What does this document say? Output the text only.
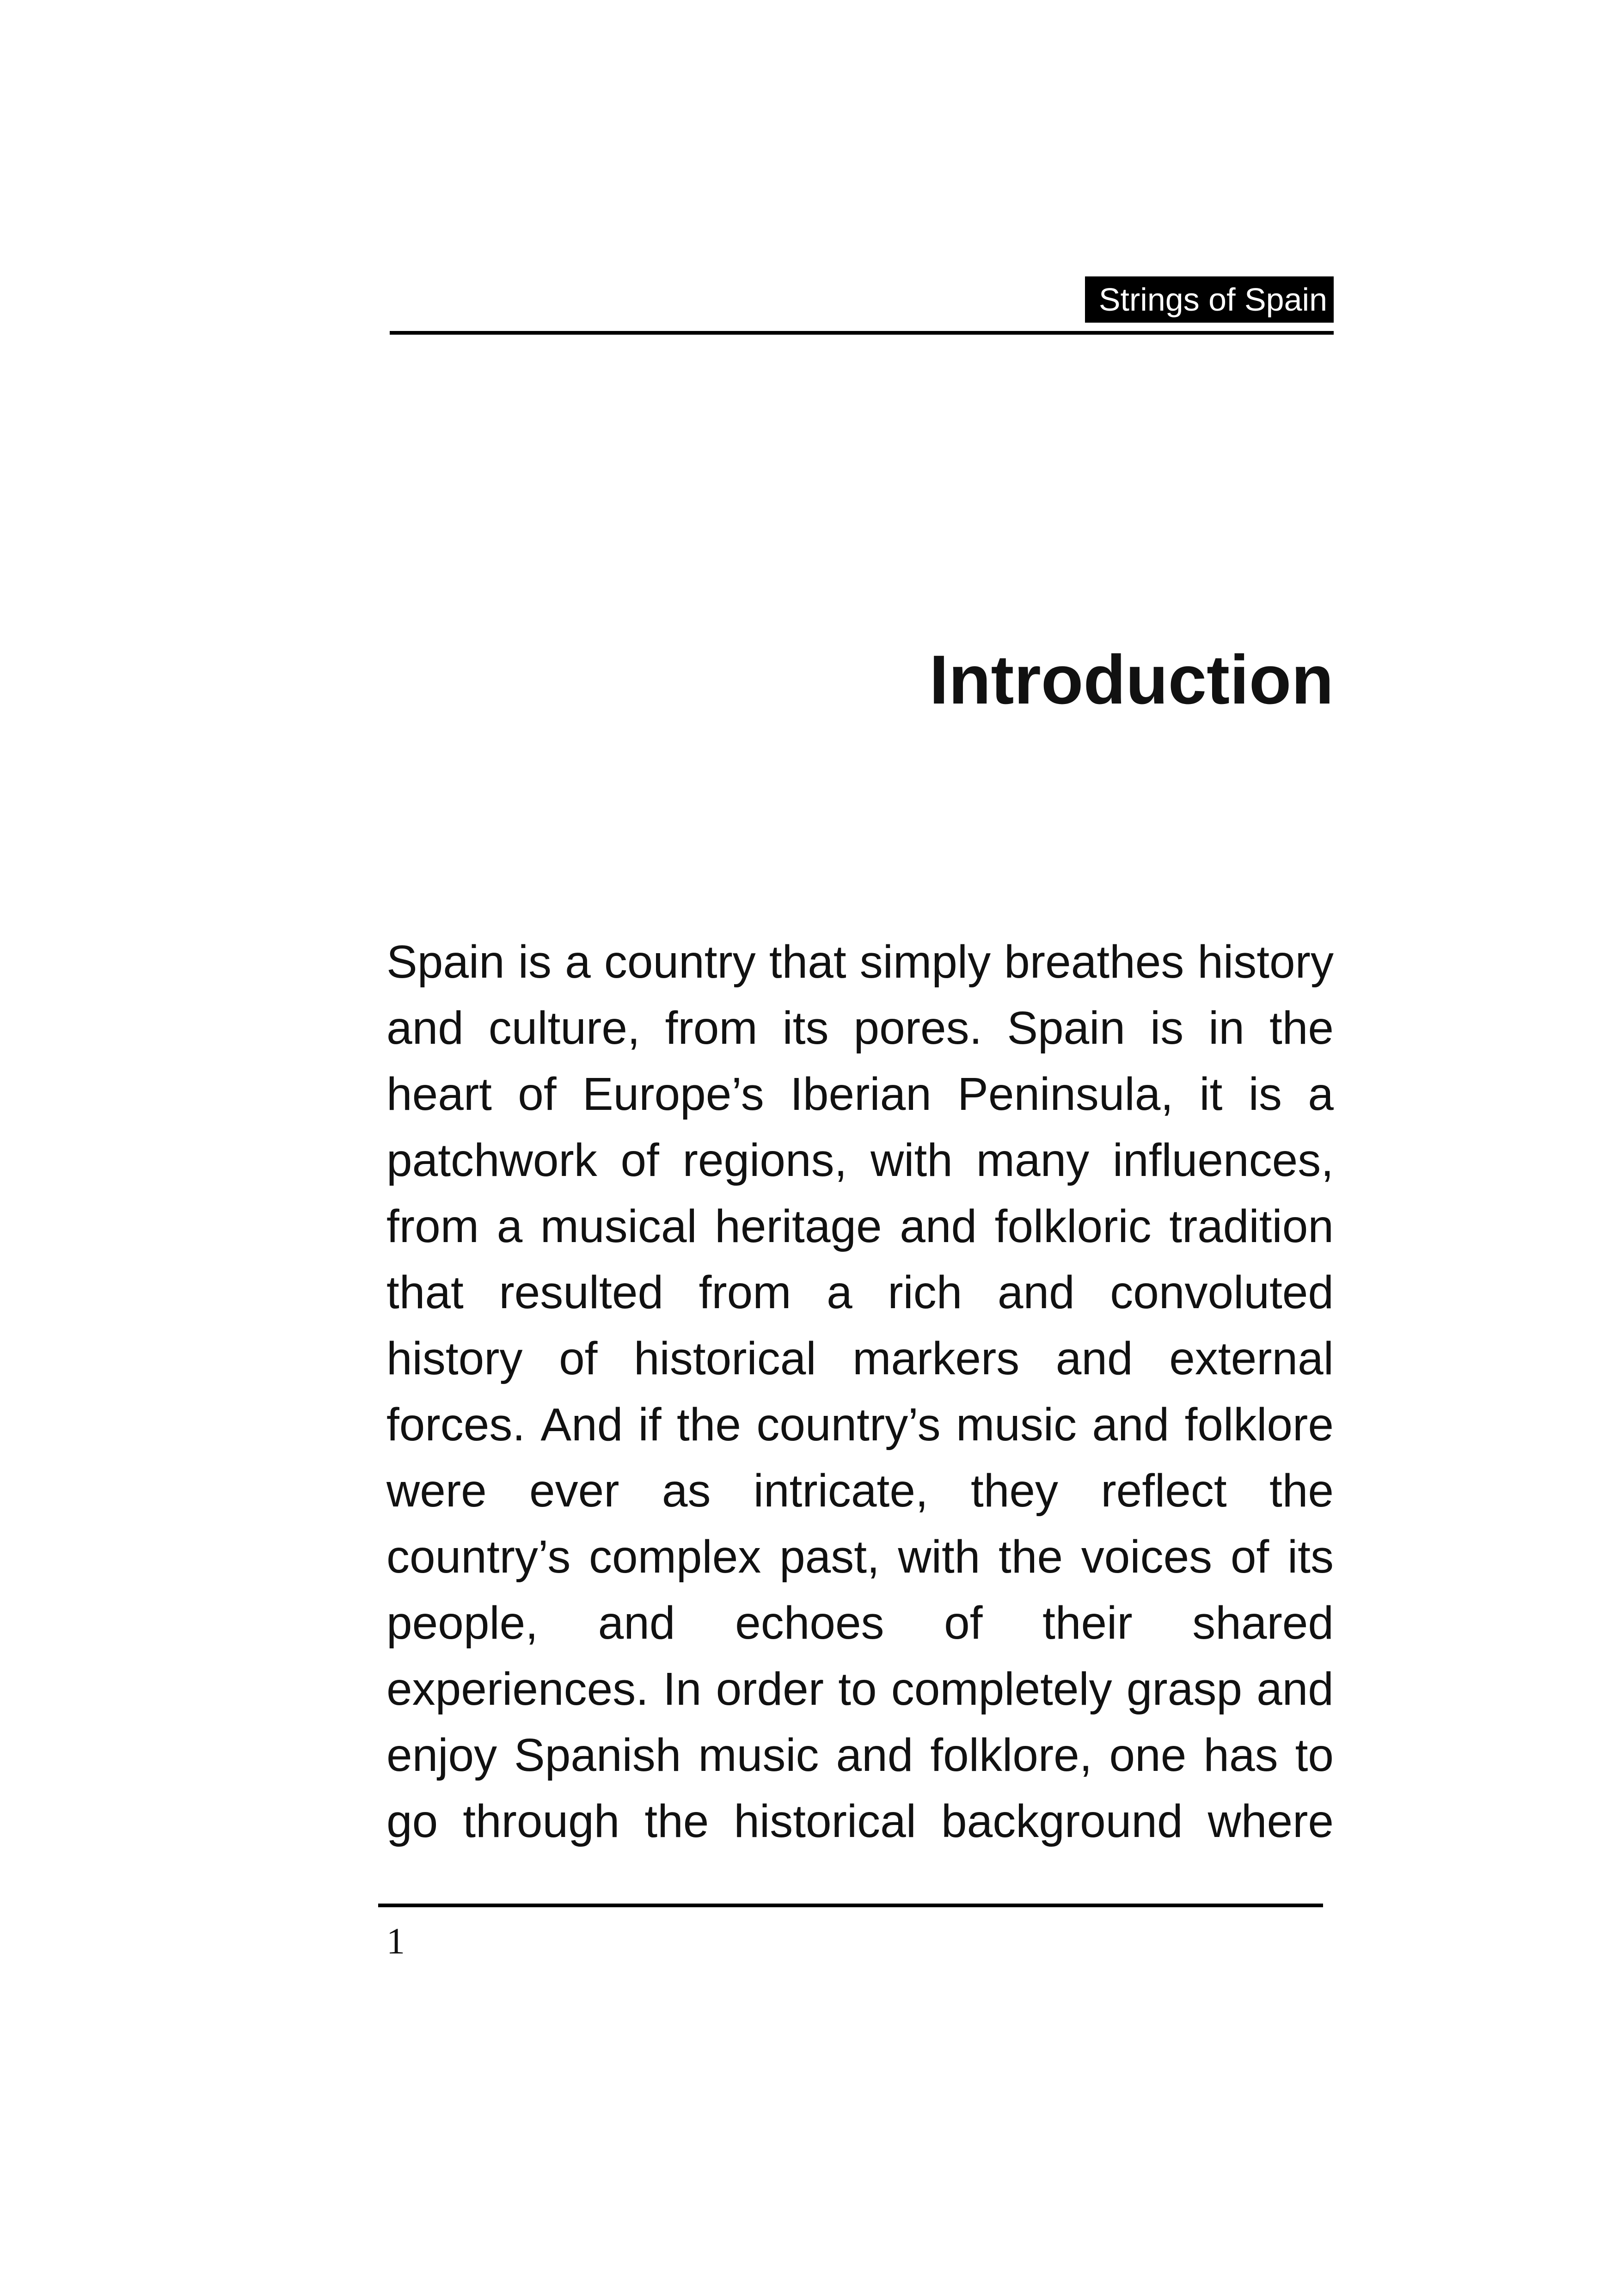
Strings of Spain
Introduction
Spain is a country that simply breathes history
and culture, from its pores. Spain is in the
heart of Europe’s Iberian Peninsula, it is a
patchwork of regions, with many influences,
from a musical heritage and folkloric tradition
that resulted from a rich and convoluted
history of historical markers and external
forces. And if the country’s music and folklore
were ever as intricate, they reflect the
country’s complex past, with the voices of its
people, and echoes of their shared
experiences. In order to completely grasp and
enjoy Spanish music and folklore, one has to
go through the historical background where
1
